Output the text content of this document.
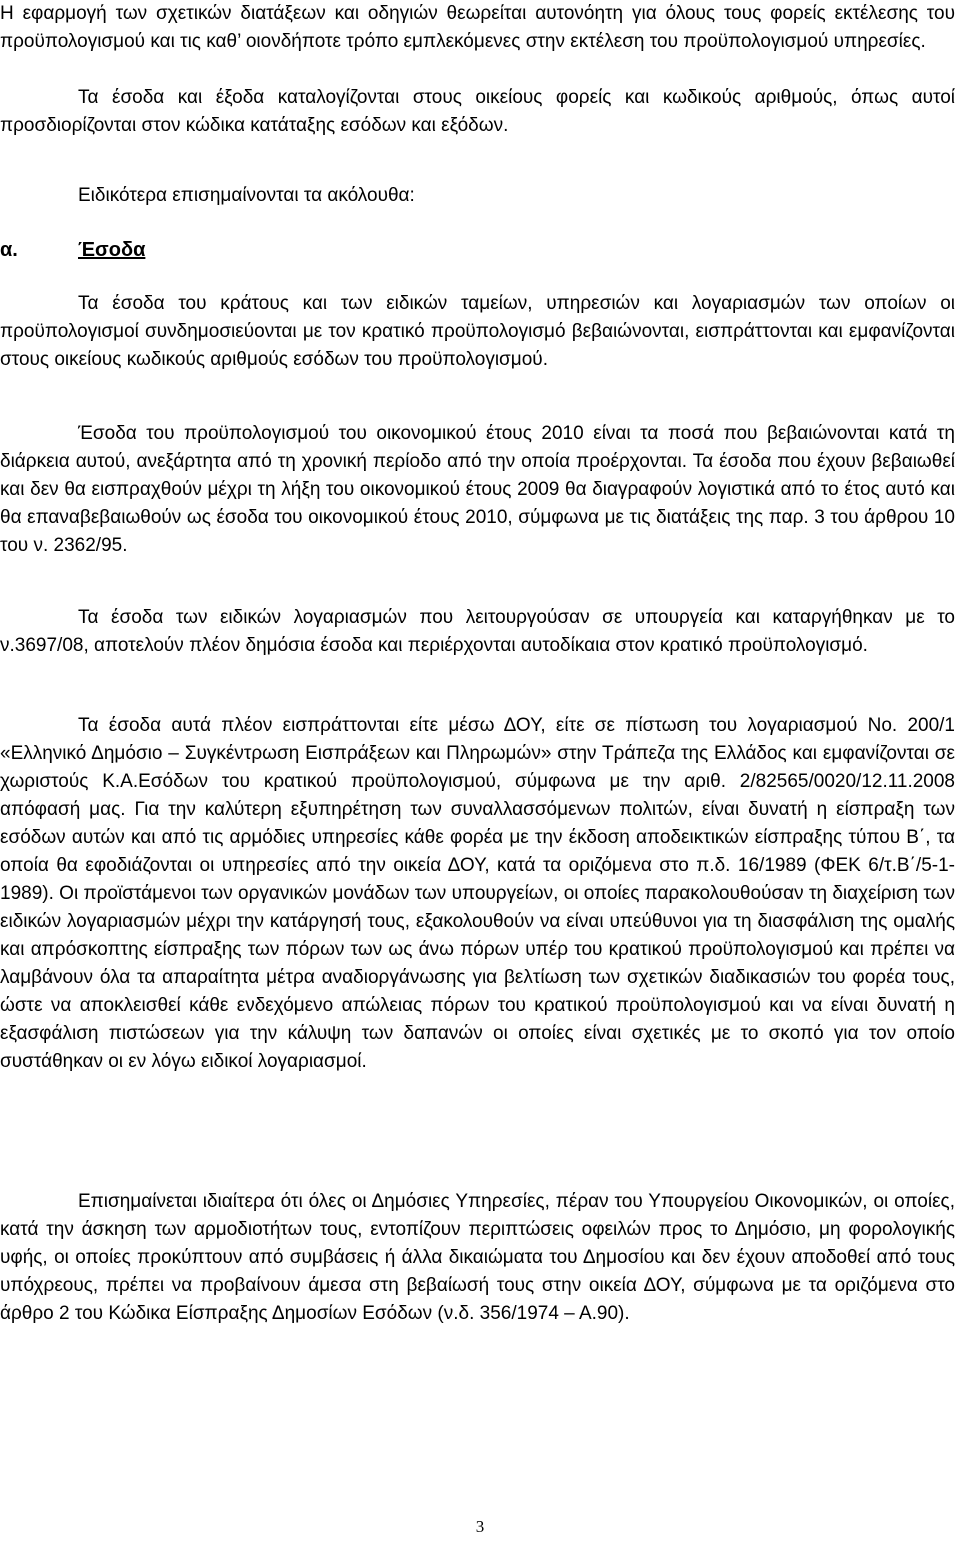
Η εφαρμογή των σχετικών διατάξεων και οδηγιών θεωρείται αυτονόητη για όλους τους φορείς εκτέλεσης του προϋπολογισμού και τις καθ’ οιονδήποτε τρόπο εμπλεκόμενες στην εκτέλεση του προϋπολογισμού υπηρεσίες.

Τα έσοδα και έξοδα καταλογίζονται στους οικείους φορείς και κωδικούς αριθμούς, όπως αυτοί προσδιορίζονται στον κώδικα κατάταξης εσόδων και εξόδων.

Ειδικότερα επισημαίνονται τα ακόλουθα:

α.	Έσοδα

Τα έσοδα του κράτους και των ειδικών ταμείων, υπηρεσιών και λογαριασμών των οποίων οι προϋπολογισμοί συνδημοσιεύονται με τον κρατικό προϋπολογισμό βεβαιώνονται, εισπράττονται και εμφανίζονται στους οικείους κωδικούς αριθμούς εσόδων του προϋπολογισμού.

Έσοδα του προϋπολογισμού του οικονομικού έτους 2010 είναι τα ποσά που βεβαιώνονται κατά τη διάρκεια αυτού, ανεξάρτητα από τη χρονική περίοδο από την οποία προέρχονται. Τα έσοδα που έχουν βεβαιωθεί και δεν θα εισπραχθούν μέχρι τη λήξη του οικονομικού έτους 2009 θα διαγραφούν λογιστικά από το έτος αυτό και θα επαναβεβαιωθούν ως έσοδα του οικονομικού έτους 2010, σύμφωνα με τις διατάξεις της παρ. 3 του άρθρου 10 του ν. 2362/95.

Τα έσοδα των ειδικών λογαριασμών που λειτουργούσαν σε υπουργεία και καταργήθηκαν με το ν.3697/08, αποτελούν πλέον δημόσια έσοδα και περιέρχονται αυτοδίκαια στον κρατικό προϋπολογισμό.

Τα έσοδα αυτά πλέον εισπράττονται είτε μέσω ΔΟΥ, είτε σε πίστωση του λογαριασμού Νο. 200/1 «Ελληνικό Δημόσιο – Συγκέντρωση Εισπράξεων και Πληρωμών» στην Τράπεζα της Ελλάδος και εμφανίζονται σε χωριστούς Κ.Α.Εσόδων του κρατικού προϋπολογισμού, σύμφωνα με την αριθ. 2/82565/0020/12.11.2008 απόφασή μας. Για την καλύτερη εξυπηρέτηση των συναλλασσόμενων πολιτών, είναι δυνατή η είσπραξη των εσόδων αυτών και από τις αρμόδιες υπηρεσίες κάθε φορέα με την έκδοση αποδεικτικών είσπραξης τύπου Β΄, τα οποία θα εφοδιάζονται οι υπηρεσίες από την οικεία ΔΟΥ, κατά τα οριζόμενα στο π.δ. 16/1989 (ΦΕΚ 6/τ.Β΄/5-1-1989). Οι προϊστάμενοι των οργανικών μονάδων των υπουργείων, οι οποίες παρακολουθούσαν τη διαχείριση των ειδικών λογαριασμών μέχρι την κατάργησή τους, εξακολουθούν να είναι υπεύθυνοι για τη διασφάλιση της ομαλής και απρόσκοπτης είσπραξης των πόρων των ως άνω πόρων υπέρ του κρατικού προϋπολογισμού και πρέπει να λαμβάνουν όλα τα απαραίτητα μέτρα αναδιοργάνωσης για βελτίωση των σχετικών διαδικασιών του φορέα τους, ώστε να αποκλεισθεί κάθε ενδεχόμενο απώλειας πόρων του κρατικού προϋπολογισμού και να είναι δυνατή η εξασφάλιση πιστώσεων για την κάλυψη των δαπανών οι οποίες είναι σχετικές με το σκοπό για τον οποίο συστάθηκαν οι εν λόγω ειδικοί λογαριασμοί.

Επισημαίνεται ιδιαίτερα ότι όλες οι Δημόσιες Υπηρεσίες, πέραν του Υπουργείου Οικονομικών, οι οποίες, κατά την άσκηση των αρμοδιοτήτων τους, εντοπίζουν περιπτώσεις οφειλών προς το Δημόσιο, μη φορολογικής υφής, οι οποίες προκύπτουν από συμβάσεις ή άλλα δικαιώματα του Δημοσίου και δεν έχουν αποδοθεί από τους υπόχρεους, πρέπει να προβαίνουν άμεσα στη βεβαίωσή τους στην οικεία ΔΟΥ, σύμφωνα με τα οριζόμενα στο άρθρο 2 του Κώδικα Είσπραξης Δημοσίων Εσόδων (ν.δ. 356/1974 – Α.90).

3
